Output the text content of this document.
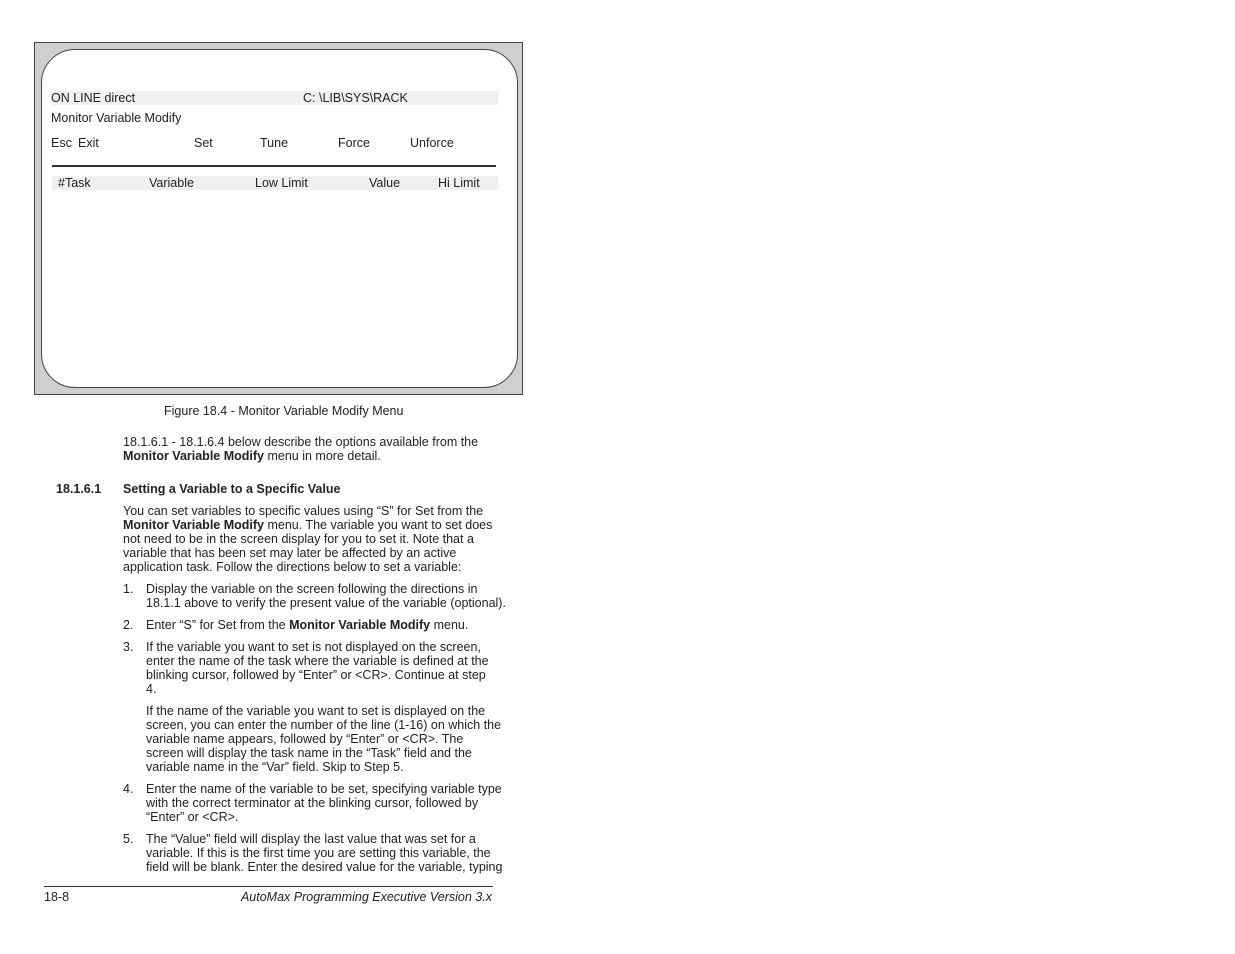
ON LINE direct	C: \LIB\SYS\RACK
Monitor Variable Modify
Esc Exit	Set	Tune	Force	Unforce
#Task	Variable	Low Limit	Value	Hi Limit
Figure 18.4 - Monitor Variable Modify Menu
18.1.6.1 - 18.1.6.4 below describe the options available from the
Monitor Variable Modify menu in more detail.
18.1.6.1 Setting a Variable to a Specific Value
You can set variables to specific values using “S” for Set from the
Monitor Variable Modify menu. The variable you want to set does
not need to be in the screen display for you to set it. Note that a
variable that has been set may later be affected by an active
application task. Follow the directions below to set a variable:
1. Display the variable on the screen following the directions in
18.1.1 above to verify the present value of the variable (optional).
2. Enter “S” for Set from the Monitor Variable Modify menu.
3. If the variable you want to set is not displayed on the screen,
enter the name of the task where the variable is defined at the
blinking cursor, followed by “Enter” or <CR>. Continue at step
4.
If the name of the variable you want to set is displayed on the
screen, you can enter the number of the line (1-16) on which the
variable name appears, followed by “Enter” or <CR>. The
screen will display the task name in the “Task” field and the
variable name in the “Var” field. Skip to Step 5.
4. Enter the name of the variable to be set, specifying variable type
with the correct terminator at the blinking cursor, followed by
“Enter” or <CR>.
5. The “Value” field will display the last value that was set for a
variable. If this is the first time you are setting this variable, the
field will be blank. Enter the desired value for the variable, typing
18-8	AutoMax Programming Executive Version 3.x
